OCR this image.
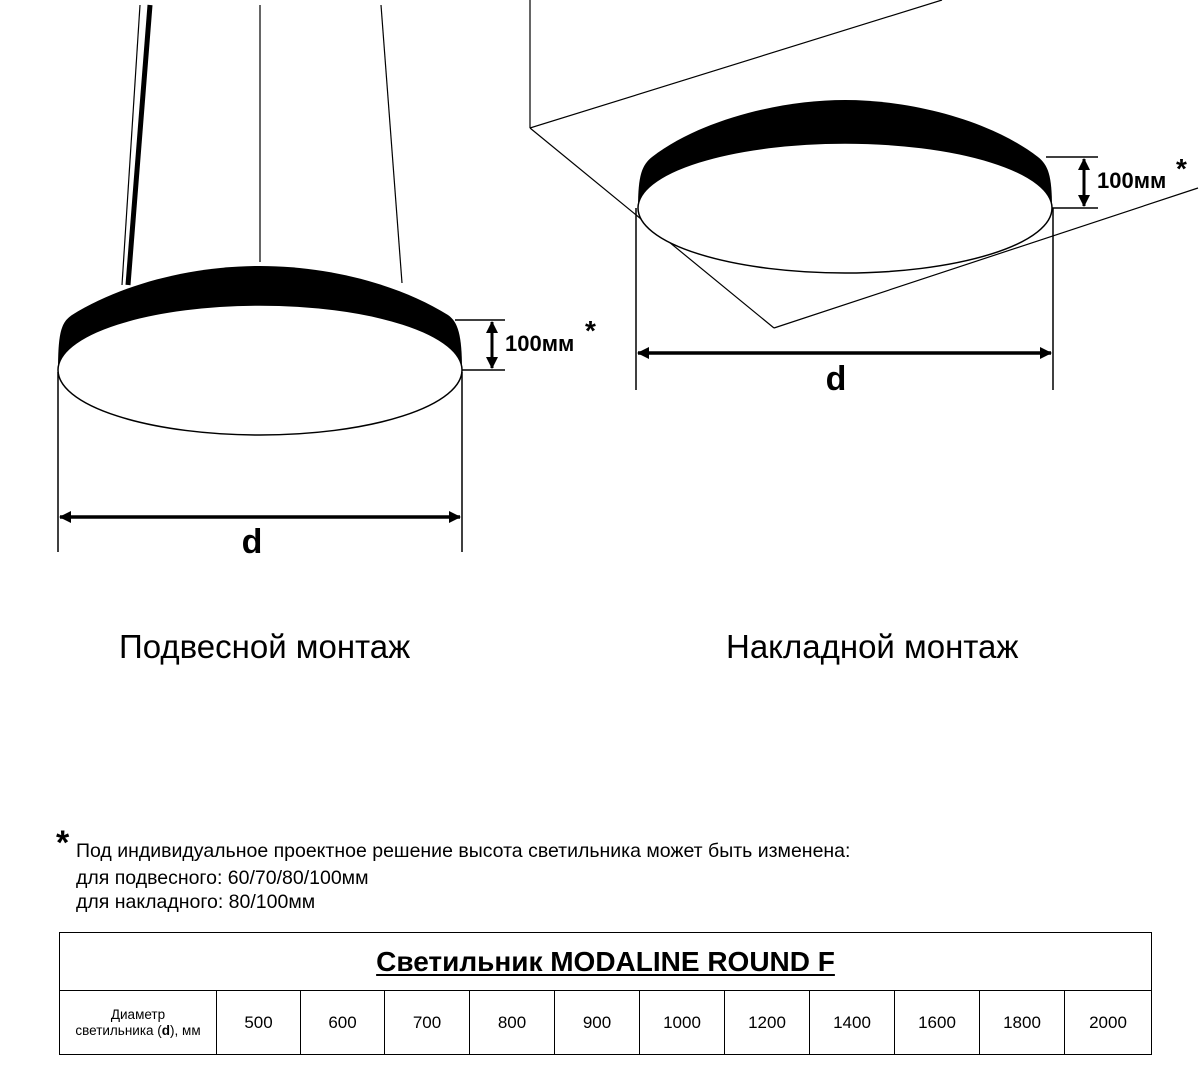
d
100мм *
d
100мм *
Подвесной монтаж	Накладной монтаж
* Под индивидуальное проектное решение высота светильника может быть изменена:
для подвесного: 60/70/80/100мм
для накладного: 80/100мм
Светильник MODALINE ROUND F
Диаметр
светильника (d), мм	500	600	700	800	900	1000	1200	1400	1600	1800	2000
